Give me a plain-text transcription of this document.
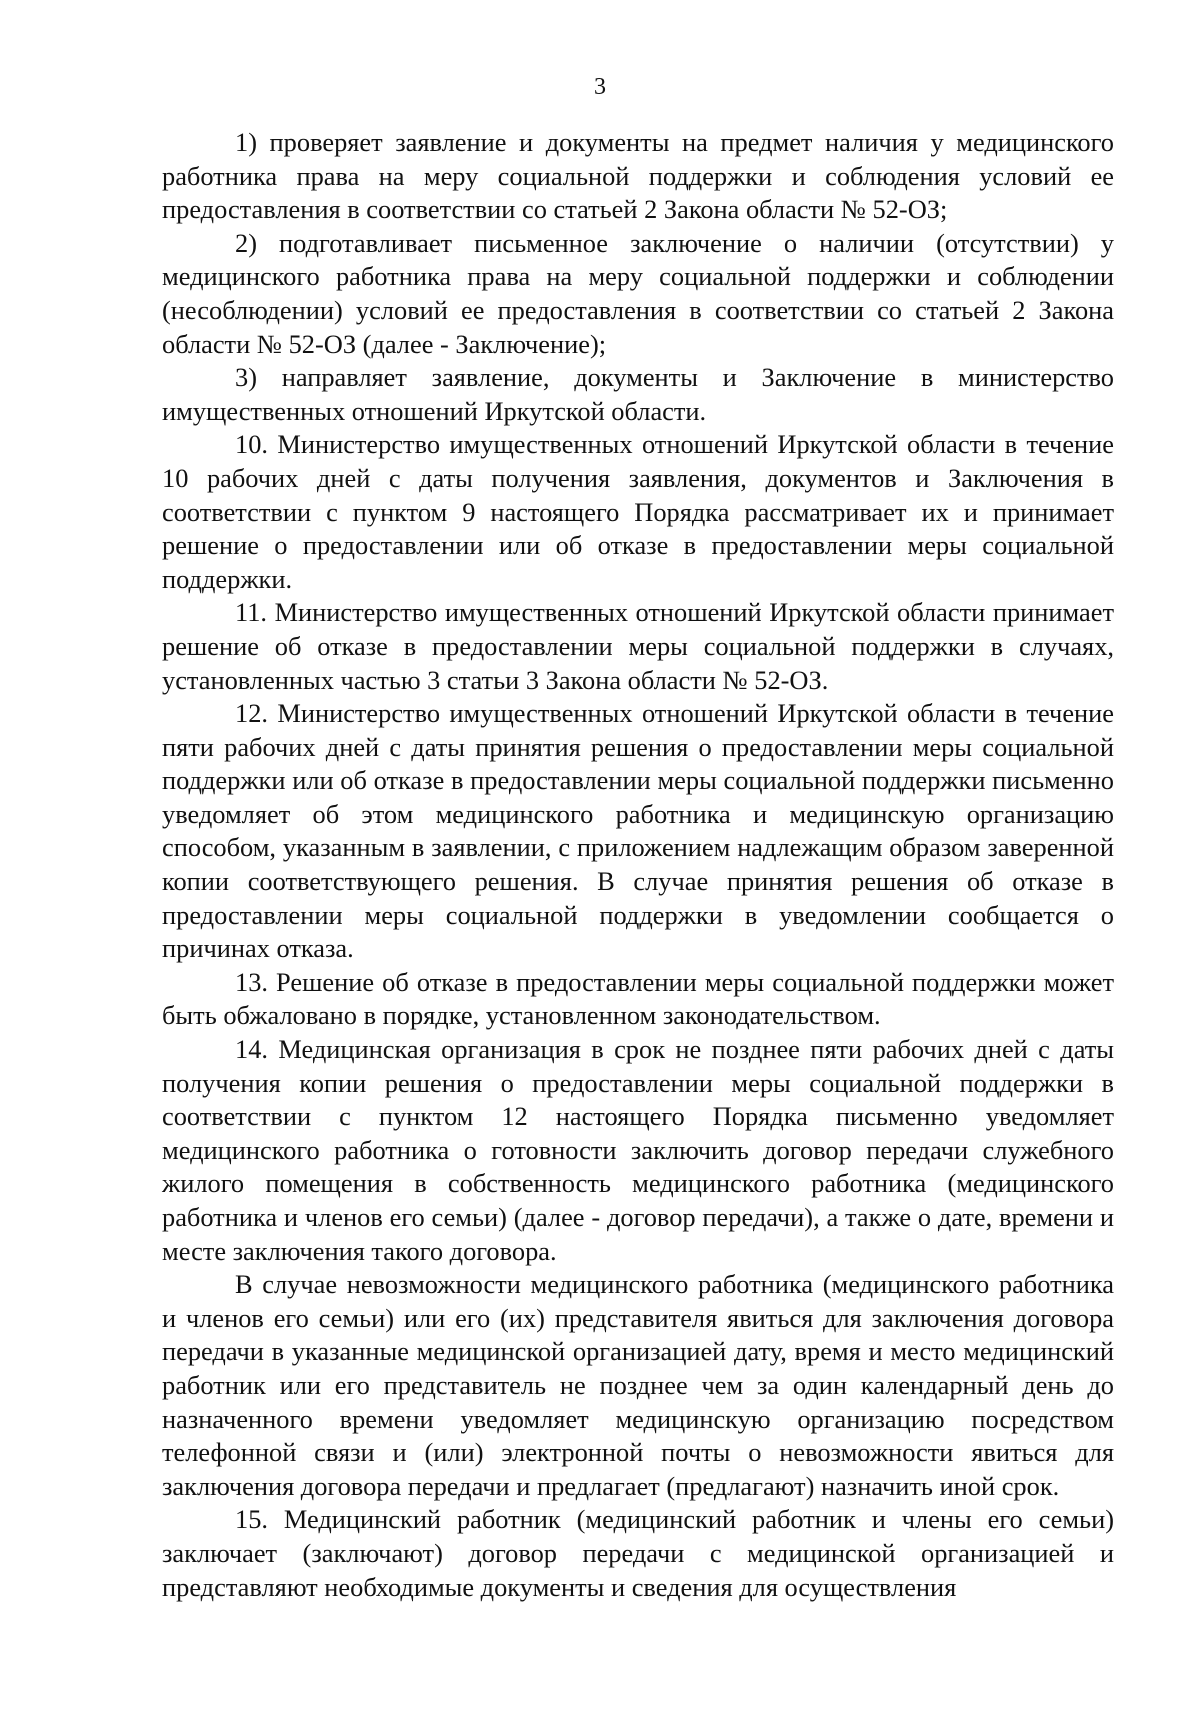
3

1) проверяет заявление и документы на предмет наличия у медицинского работника права на меру социальной поддержки и соблюдения условий ее предоставления в соответствии со статьей 2 Закона области № 52-ОЗ;

2) подготавливает письменное заключение о наличии (отсутствии) у медицинского работника права на меру социальной поддержки и соблюдении (несоблюдении) условий ее предоставления в соответствии со статьей 2 Закона области № 52-ОЗ (далее - Заключение);

3) направляет заявление, документы и Заключение в министерство имущественных отношений Иркутской области.

10. Министерство имущественных отношений Иркутской области в течение 10 рабочих дней с даты получения заявления, документов и Заключения в соответствии с пунктом 9 настоящего Порядка рассматривает их и принимает решение о предоставлении или об отказе в предоставлении меры социальной поддержки.

11. Министерство имущественных отношений Иркутской области принимает решение об отказе в предоставлении меры социальной поддержки в случаях, установленных частью 3 статьи 3 Закона области № 52-ОЗ.

12. Министерство имущественных отношений Иркутской области в течение пяти рабочих дней с даты принятия решения о предоставлении меры социальной поддержки или об отказе в предоставлении меры социальной поддержки письменно уведомляет об этом медицинского работника и медицинскую организацию способом, указанным в заявлении, с приложением надлежащим образом заверенной копии соответствующего решения. В случае принятия решения об отказе в предоставлении меры социальной поддержки в уведомлении сообщается о причинах отказа.

13. Решение об отказе в предоставлении меры социальной поддержки может быть обжаловано в порядке, установленном законодательством.

14. Медицинская организация в срок не позднее пяти рабочих дней с даты получения копии решения о предоставлении меры социальной поддержки в соответствии с пунктом 12 настоящего Порядка письменно уведомляет медицинского работника о готовности заключить договор передачи служебного жилого помещения в собственность медицинского работника (медицинского работника и членов его семьи) (далее - договор передачи), а также о дате, времени и месте заключения такого договора.

В случае невозможности медицинского работника (медицинского работника и членов его семьи) или его (их) представителя явиться для заключения договора передачи в указанные медицинской организацией дату, время и место медицинский работник или его представитель не позднее чем за один календарный день до назначенного времени уведомляет медицинскую организацию посредством телефонной связи и (или) электронной почты о невозможности явиться для заключения договора передачи и предлагает (предлагают) назначить иной срок.

15. Медицинский работник (медицинский работник и члены его семьи) заключает (заключают) договор передачи с медицинской организацией и представляют необходимые документы и сведения для осуществления
